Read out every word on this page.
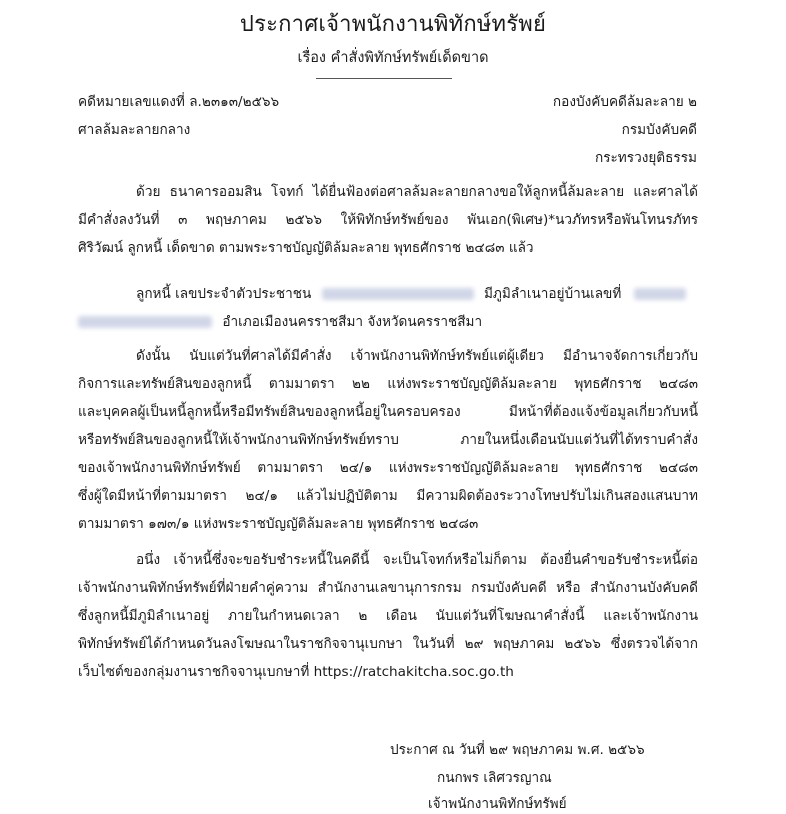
ประกาศเจ้าพนักงานพิทักษ์ทรัพย์
เรื่อง คำสั่งพิทักษ์ทรัพย์เด็ดขาด
คดีหมายเลขแดงที่ ล.๒๓๑๓/๒๕๖๖	กองบังคับคดีล้มละลาย ๒
ศาลล้มละลายกลาง	กรมบังคับคดี
กระทรวงยุติธรรม
ด้วย ธนาคารออมสิน โจทก์ ได้ยื่นฟ้องต่อศาลล้มละลายกลางขอให้ลูกหนี้ล้มละลาย และศาลได้
มีคำสั่งลงวันที่ ๓ พฤษภาคม ๒๕๖๖ ให้พิทักษ์ทรัพย์ของ พันเอก(พิเศษ)*นวภัทรหรือพันโทนรภัทร
ศิริวัฒน์ ลูกหนี้ เด็ดขาด ตามพระราชบัญญัติล้มละลาย พุทธศักราช ๒๔๘๓ แล้ว
ลูกหนี้ เลขประจำตัวประชาชน	มีภูมิลำเนาอยู่บ้านเลขที่
อำเภอเมืองนครราชสีมา จังหวัดนครราชสีมา
ดังนั้น นับแต่วันที่ศาลได้มีคำสั่ง เจ้าพนักงานพิทักษ์ทรัพย์แต่ผู้เดียว มีอำนาจจัดการเกี่ยวกับ
กิจการและทรัพย์สินของลูกหนี้ ตามมาตรา ๒๒ แห่งพระราชบัญญัติล้มละลาย พุทธศักราช ๒๔๘๓
และบุคคลผู้เป็นหนี้ลูกหนี้หรือมีทรัพย์สินของลูกหนี้อยู่ในครอบครอง มีหน้าที่ต้องแจ้งข้อมูลเกี่ยวกับหนี้
หรือทรัพย์สินของลูกหนี้ให้เจ้าพนักงานพิทักษ์ทรัพย์ทราบ ภายในหนึ่งเดือนนับแต่วันที่ได้ทราบคำสั่ง
ของเจ้าพนักงานพิทักษ์ทรัพย์ ตามมาตรา ๒๔/๑ แห่งพระราชบัญญัติล้มละลาย พุทธศักราช ๒๔๘๓
ซึ่งผู้ใดมีหน้าที่ตามมาตรา ๒๔/๑ แล้วไม่ปฏิบัติตาม มีความผิดต้องระวางโทษปรับไม่เกินสองแสนบาท
ตามมาตรา ๑๗๓/๑ แห่งพระราชบัญญัติล้มละลาย พุทธศักราช ๒๔๘๓
อนึ่ง เจ้าหนี้ซึ่งจะขอรับชำระหนี้ในคดีนี้ จะเป็นโจทก์หรือไม่ก็ตาม ต้องยื่นคำขอรับชำระหนี้ต่อ
เจ้าพนักงานพิทักษ์ทรัพย์ที่ฝ่ายคำคู่ความ สำนักงานเลขานุการกรม กรมบังคับคดี หรือ สำนักงานบังคับคดี
ซึ่งลูกหนี้มีภูมิลำเนาอยู่ ภายในกำหนดเวลา ๒ เดือน นับแต่วันที่โฆษณาคำสั่งนี้ และเจ้าพนักงาน
พิทักษ์ทรัพย์ได้กำหนดวันลงโฆษณาในราชกิจจานุเบกษา ในวันที่ ๒๙ พฤษภาคม ๒๕๖๖ ซึ่งตรวจได้จาก
เว็บไซต์ของกลุ่มงานราชกิจจานุเบกษาที่ https://ratchakitcha.soc.go.th
ประกาศ ณ วันที่ ๒๙ พฤษภาคม พ.ศ. ๒๕๖๖
กนกพร เลิศวรญาณ
เจ้าพนักงานพิทักษ์ทรัพย์
